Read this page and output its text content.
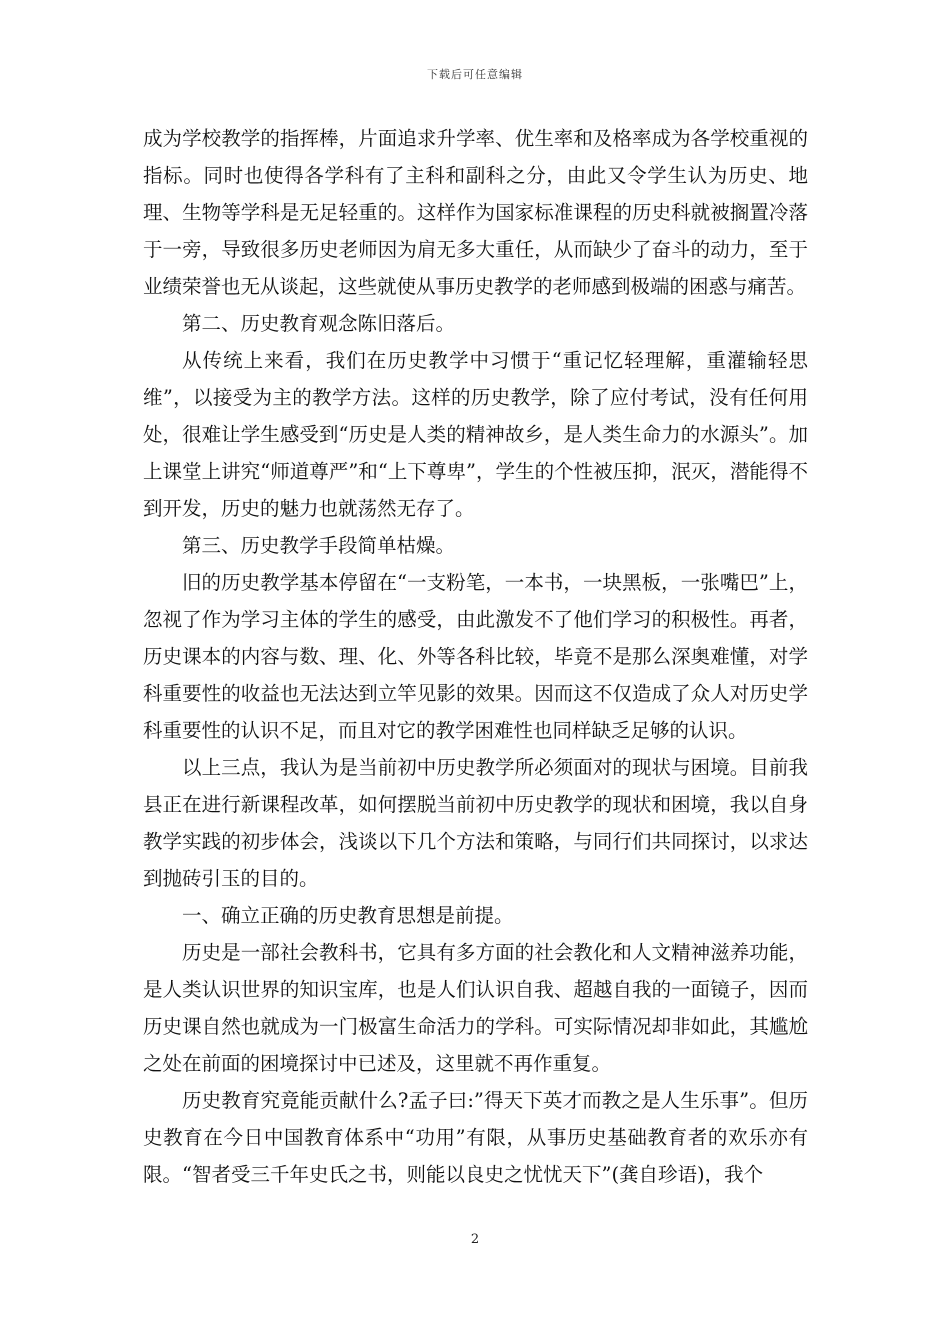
下载后可任意编辑

成为学校教学的指挥棒，片面追求升学率、优生率和及格率成为各学校重视的指标。同时也使得各学科有了主科和副科之分，由此又令学生认为历史、地理、生物等学科是无足轻重的。这样作为国家标准课程的历史科就被搁置冷落于一旁，导致很多历史老师因为肩无多大重任，从而缺少了奋斗的动力，至于业绩荣誉也无从谈起，这些就使从事历史教学的老师感到极端的困惑与痛苦。

第二、历史教育观念陈旧落后。

从传统上来看，我们在历史教学中习惯于“重记忆轻理解，重灌输轻思维”，以接受为主的教学方法。这样的历史教学，除了应付考试，没有任何用处，很难让学生感受到“历史是人类的精神故乡，是人类生命力的水源头”。加上课堂上讲究“师道尊严”和“上下尊卑”，学生的个性被压抑，泯灭，潜能得不到开发，历史的魅力也就荡然无存了。

第三、历史教学手段简单枯燥。

旧的历史教学基本停留在“一支粉笔，一本书，一块黑板，一张嘴巴”上，忽视了作为学习主体的学生的感受，由此激发不了他们学习的积极性。再者，历史课本的内容与数、理、化、外等各科比较，毕竟不是那么深奥难懂，对学科重要性的收益也无法达到立竿见影的效果。因而这不仅造成了众人对历史学科重要性的认识不足，而且对它的教学困难性也同样缺乏足够的认识。

以上三点，我认为是当前初中历史教学所必须面对的现状与困境。目前我县正在进行新课程改革，如何摆脱当前初中历史教学的现状和困境，我以自身教学实践的初步体会，浅谈以下几个方法和策略，与同行们共同探讨，以求达到抛砖引玉的目的。

一、确立正确的历史教育思想是前提。

历史是一部社会教科书，它具有多方面的社会教化和人文精神滋养功能，是人类认识世界的知识宝库，也是人们认识自我、超越自我的一面镜子，因而历史课自然也就成为一门极富生命活力的学科。可实际情况却非如此，其尴尬之处在前面的困境探讨中已述及，这里就不再作重复。

历史教育究竟能贡献什么?孟子曰:”得天下英才而教之是人生乐事”。但历史教育在今日中国教育体系中“功用”有限，从事历史基础教育者的欢乐亦有限。“智者受三千年史氏之书，则能以良史之忧忧天下”(龚自珍语)，我个

2
